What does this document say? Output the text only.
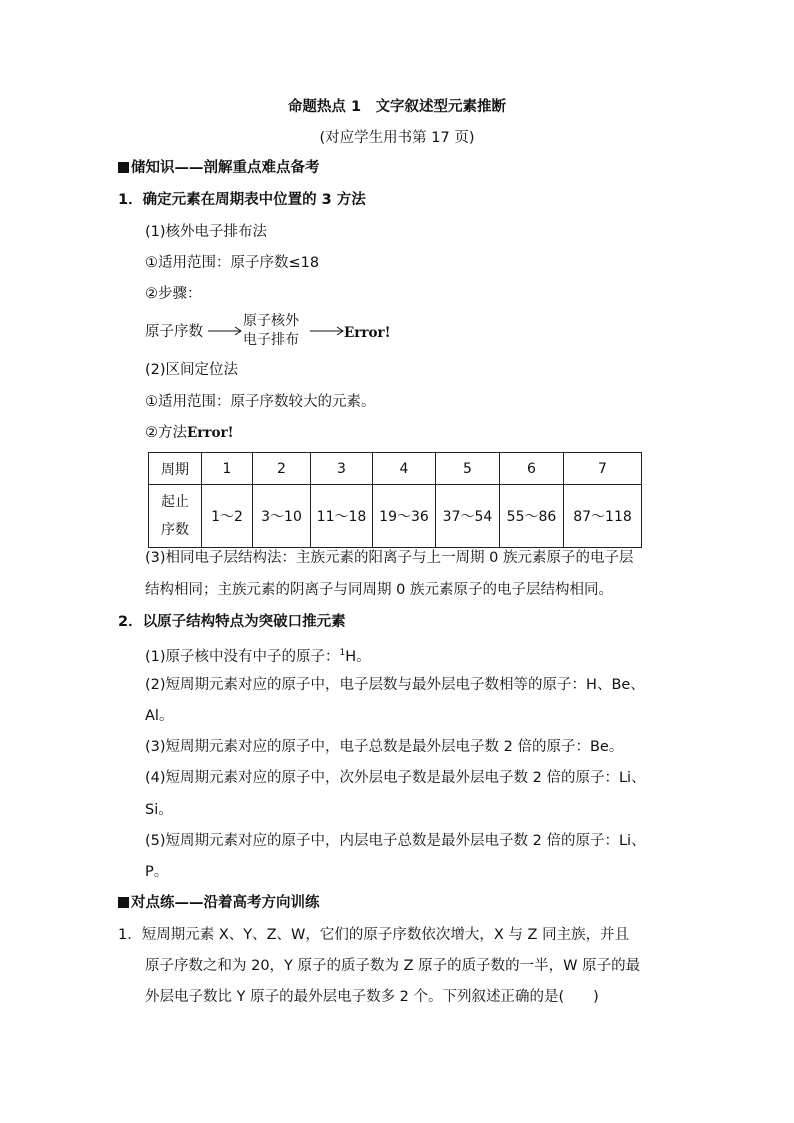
命题热点 1　文字叙述型元素推断
(对应学生用书第 17 页)
储知识——剖解重点难点备考
1．确定元素在周期表中位置的 3 方法
(1)核外电子排布法
①适用范围：原子序数≤18
②步骤：
原子序数
原子核外
电子排布	Error!
(2)区间定位法
①适用范围：原子序数较大的元素。
②方法Error!
周期	1	2	3	4	5	6	7
起止
序数	1～2	3～10	11～18	19～36	37～54	55～86	87～118
(3)相同电子层结构法：主族元素的阳离子与上一周期 0 族元素原子的电子层
结构相同；主族元素的阴离子与同周期 0 族元素原子的电子层结构相同。
2．以原子结构特点为突破口推元素
(1)原子核中没有中子的原子：$^1$H。
(2)短周期元素对应的原子中，电子层数与最外层电子数相等的原子：H、Be、
Al。
(3)短周期元素对应的原子中，电子总数是最外层电子数 2 倍的原子：Be。
(4)短周期元素对应的原子中，次外层电子数是最外层电子数 2 倍的原子：Li、
Si。
(5)短周期元素对应的原子中，内层电子总数是最外层电子数 2 倍的原子：Li、
P。
对点练——沿着高考方向训练
1．短周期元素 X、Y、Z、W，它们的原子序数依次增大，X 与 Z 同主族，并且
原子序数之和为 20，Y 原子的质子数为 Z 原子的质子数的一半，W 原子的最
外层电子数比 Y 原子的最外层电子数多 2 个。下列叙述正确的是(　　)
